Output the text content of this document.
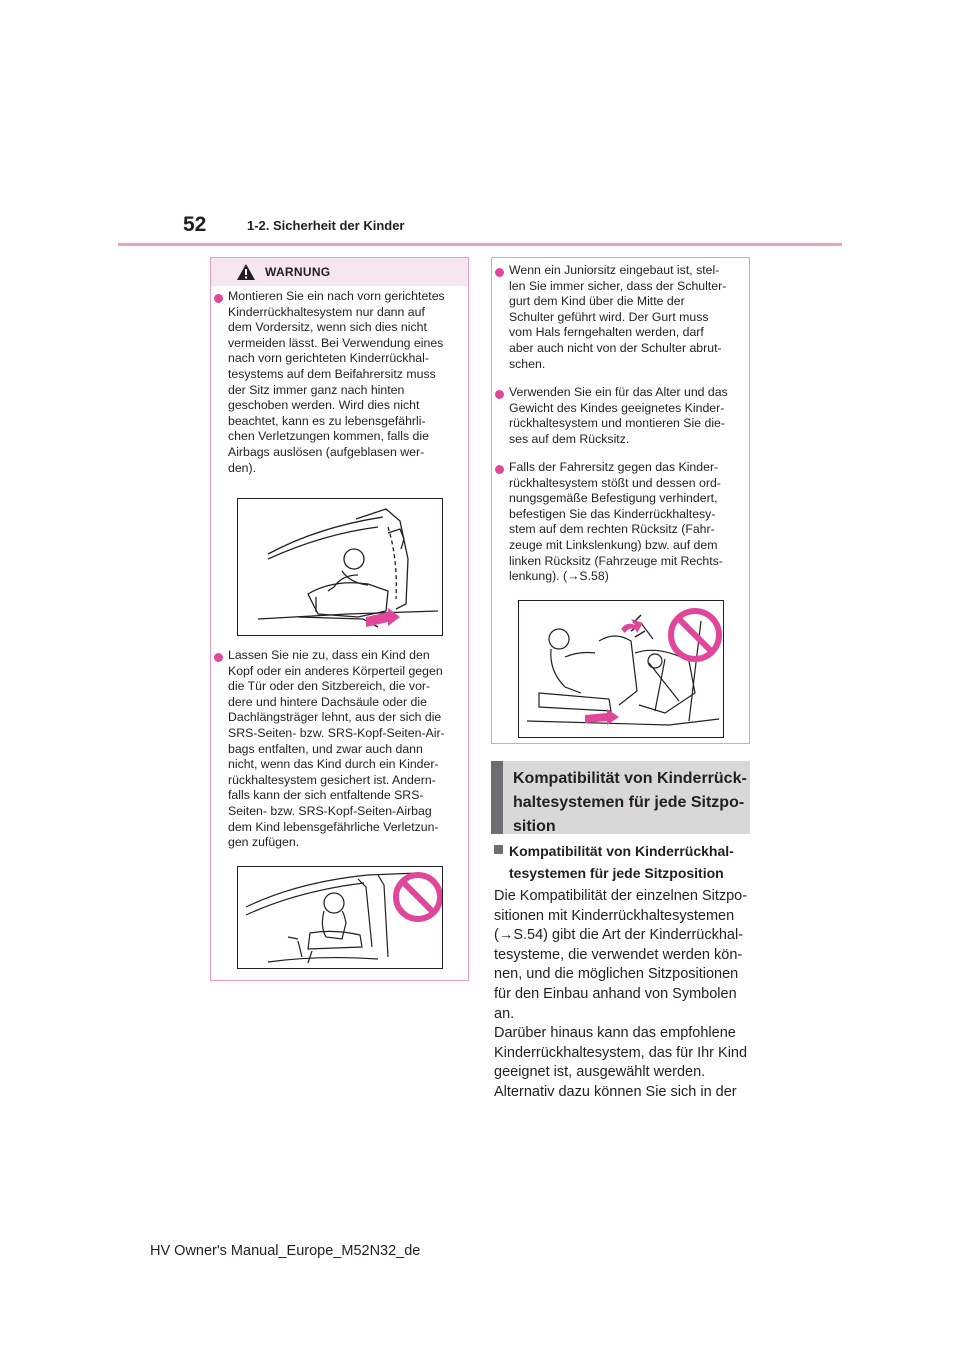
52	1-2. Sicherheit der Kinder
WARNUNG
Montieren Sie ein nach vorn gerichtetes
Kinderrückhaltesystem nur dann auf
dem Vordersitz, wenn sich dies nicht
vermeiden lässt. Bei Verwendung eines
nach vorn gerichteten Kinderrückhal-
tesystems auf dem Beifahrersitz muss
der Sitz immer ganz nach hinten
geschoben werden. Wird dies nicht
beachtet, kann es zu lebensgefährli-
chen Verletzungen kommen, falls die
Airbags auslösen (aufgeblasen wer-
den).
Lassen Sie nie zu, dass ein Kind den
Kopf oder ein anderes Körperteil gegen
die Tür oder den Sitzbereich, die vor-
dere und hintere Dachsäule oder die
Dachlängsträger lehnt, aus der sich die
SRS-Seiten- bzw. SRS-Kopf-Seiten-Air-
bags entfalten, und zwar auch dann
nicht, wenn das Kind durch ein Kinder-
rückhaltesystem gesichert ist. Andern-
falls kann der sich entfaltende SRS-
Seiten- bzw. SRS-Kopf-Seiten-Airbag
dem Kind lebensgefährliche Verletzun-
gen zufügen.
Wenn ein Juniorsitz eingebaut ist, stel-
len Sie immer sicher, dass der Schulter-
gurt dem Kind über die Mitte der
Schulter geführt wird. Der Gurt muss
vom Hals ferngehalten werden, darf
aber auch nicht von der Schulter abrut-
schen.
Verwenden Sie ein für das Alter und das
Gewicht des Kindes geeignetes Kinder-
rückhaltesystem und montieren Sie die-
ses auf dem Rücksitz.
Falls der Fahrersitz gegen das Kinder-
rückhaltesystem stößt und dessen ord-
nungsgemäße Befestigung verhindert,
befestigen Sie das Kinderrückhaltesy-
stem auf dem rechten Rücksitz (Fahr-
zeuge mit Linkslenkung) bzw. auf dem
linken Rücksitz (Fahrzeuge mit Rechts-
lenkung). (→S.58)
Kompatibilität von Kinderrück-
haltesystemen für jede Sitzpo-
sition
Kompatibilität von Kinderrückhal-
tesystemen für jede Sitzposition
Die Kompatibilität der einzelnen Sitzpo-
sitionen mit Kinderrückhaltesystemen
(→S.54) gibt die Art der Kinderrückhal-
tesysteme, die verwendet werden kön-
nen, und die möglichen Sitzpositionen
für den Einbau anhand von Symbolen
an.
Darüber hinaus kann das empfohlene
Kinderrückhaltesystem, das für Ihr Kind
geeignet ist, ausgewählt werden.
Alternativ dazu können Sie sich in der
HV Owner's Manual_Europe_M52N32_de
